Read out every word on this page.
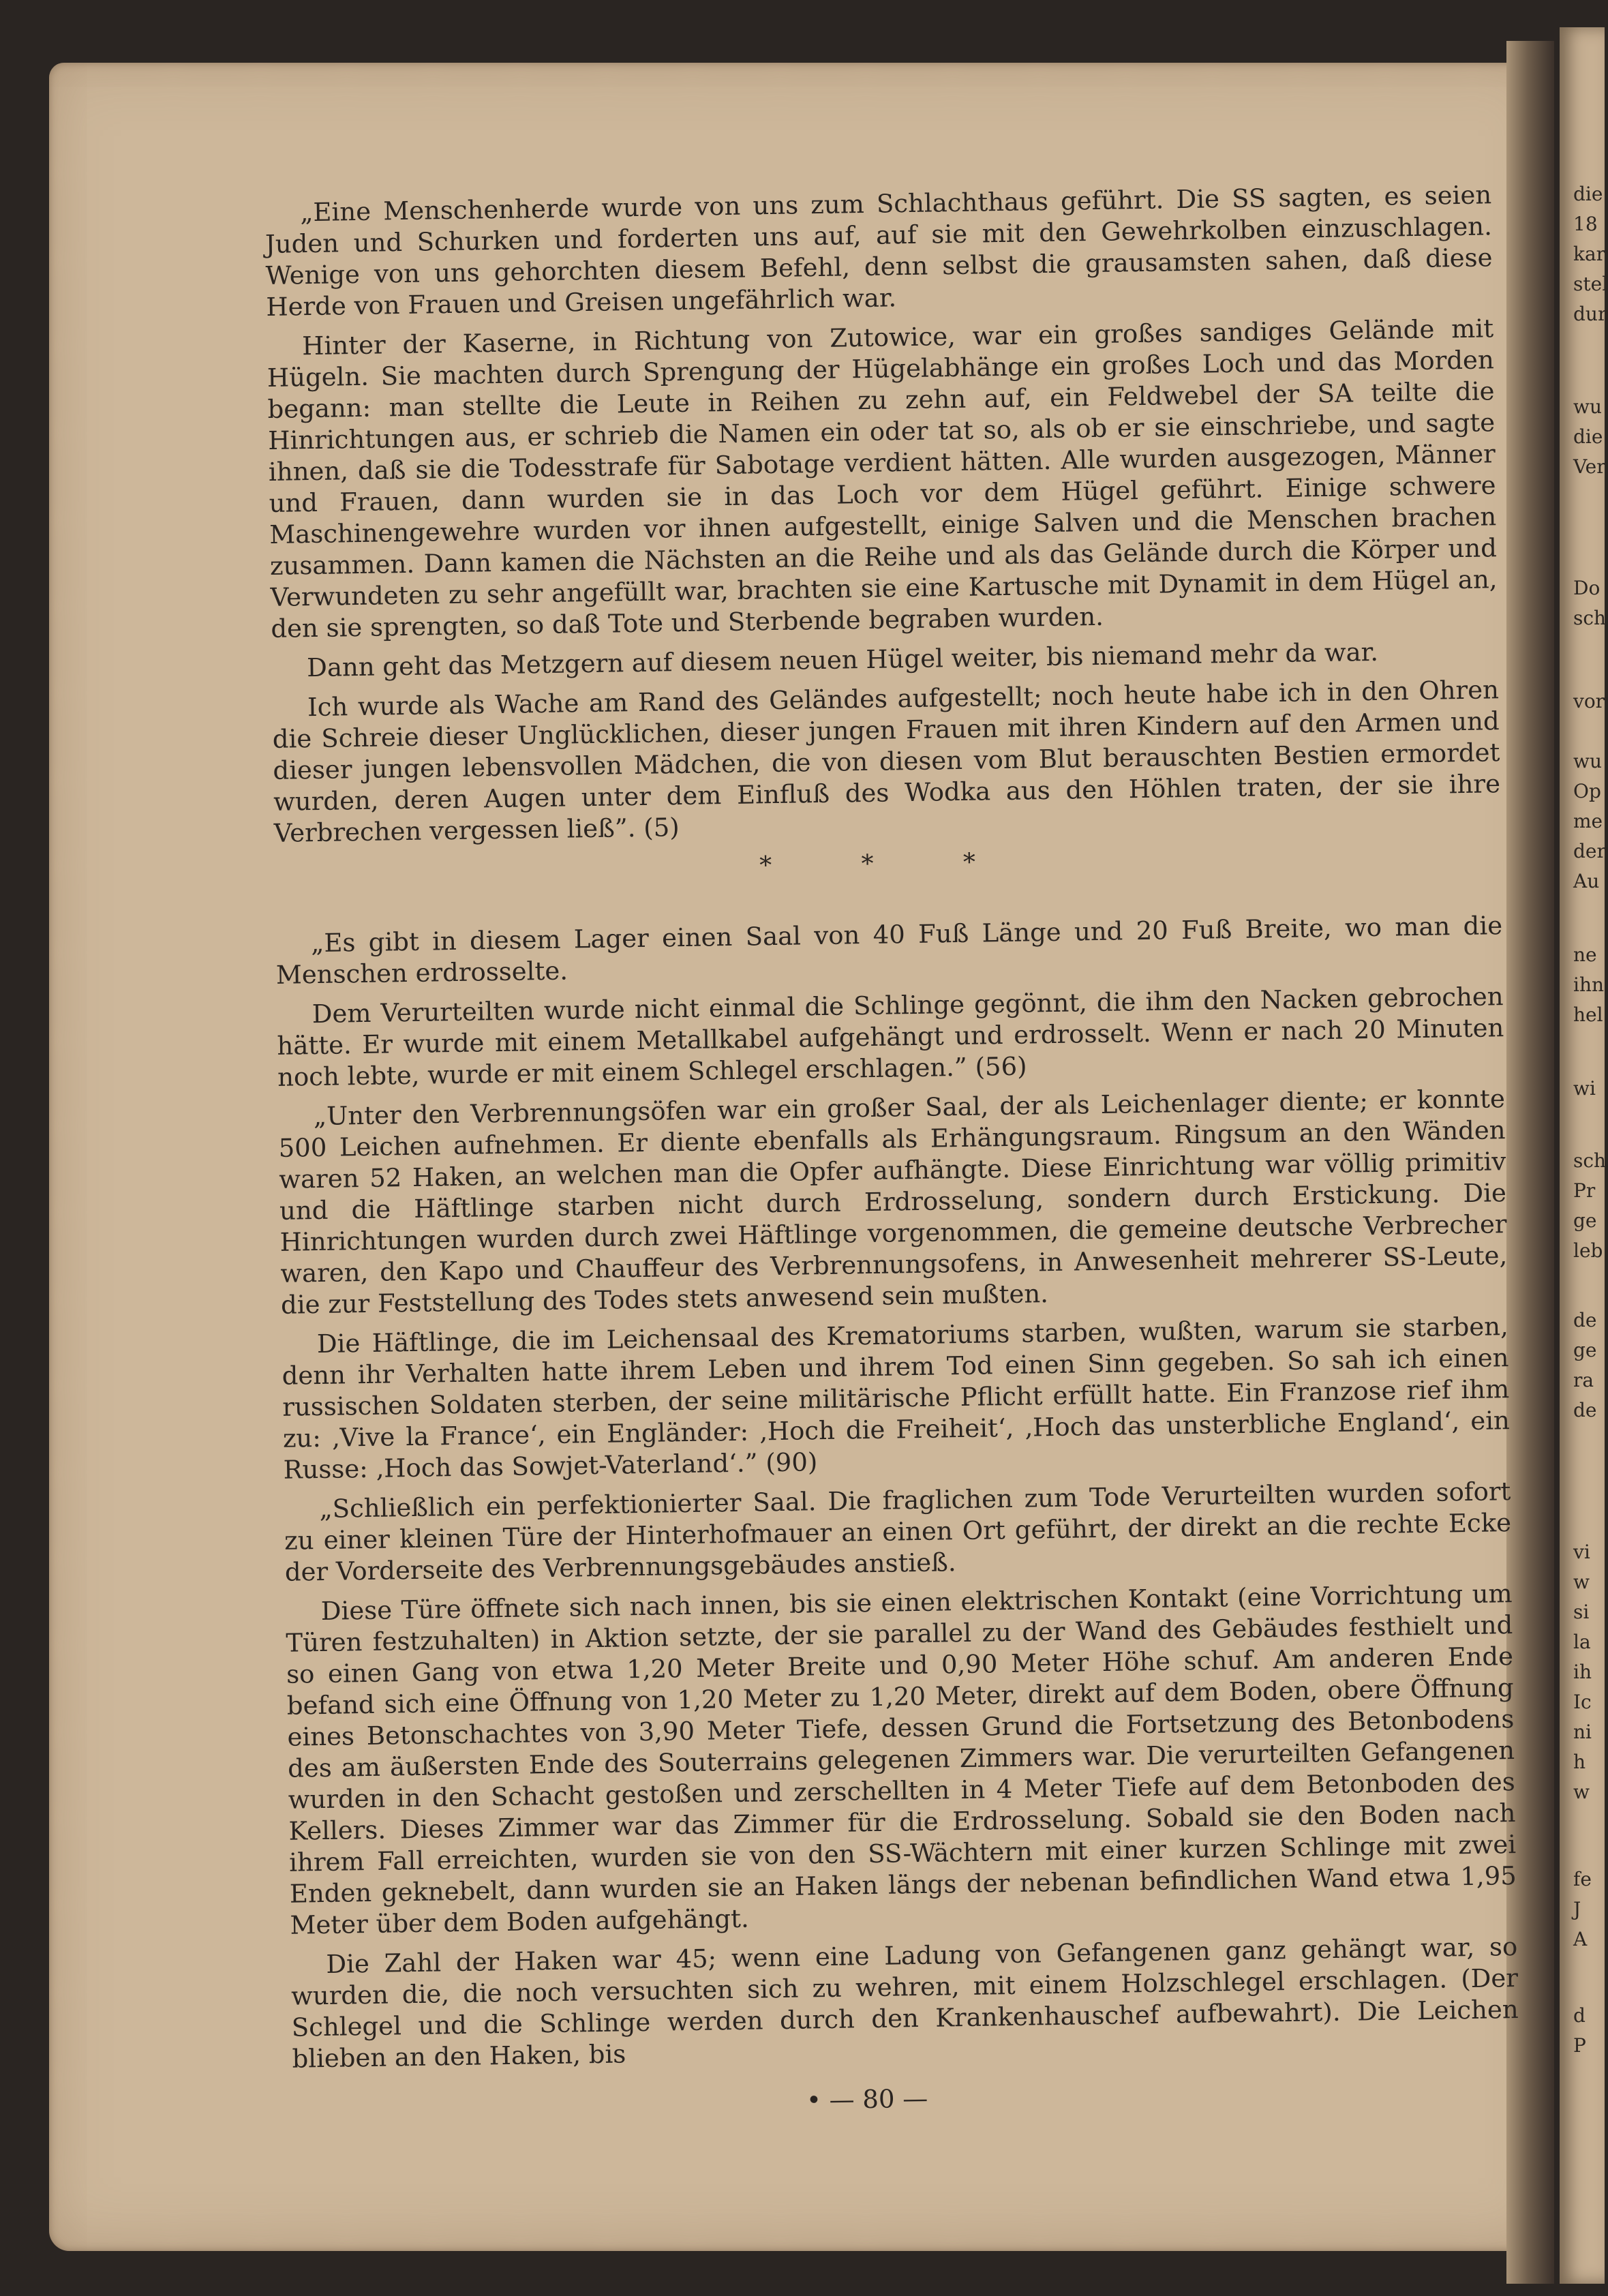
die
18
kar
stel
dur
wu
die
Ver
Do
sch
vor
wu
Op
me
der
Au
ne
ihn
hel
wi
sch
Pr
ge
leb
de
ge
ra
de
vi
w
si
la
ih
Ic
ni
h
w
fe
J
A
d
P

„Eine Menschenherde wurde von uns zum Schlachthaus geführt. Die SS sagten, es seien Juden und Schurken und forderten uns auf, auf sie mit den Gewehrkolben einzuschlagen. Wenige von uns gehorchten diesem Befehl, denn selbst die grausamsten sahen, daß diese Herde von Frauen und Greisen ungefährlich war.

Hinter der Kaserne, in Richtung von Zutowice, war ein großes sandiges Gelände mit Hügeln. Sie machten durch Sprengung der Hügelabhänge ein großes Loch und das Morden begann: man stellte die Leute in Reihen zu zehn auf, ein Feldwebel der SA teilte die Hinrichtungen aus, er schrieb die Namen ein oder tat so, als ob er sie einschriebe, und sagte ihnen, daß sie die Todesstrafe für Sabotage verdient hätten. Alle wurden ausgezogen, Männer und Frauen, dann wurden sie in das Loch vor dem Hügel geführt. Einige schwere Maschinengewehre wurden vor ihnen aufgestellt, einige Salven und die Menschen brachen zusammen. Dann kamen die Nächsten an die Reihe und als das Gelände durch die Körper und Verwundeten zu sehr angefüllt war, brachten sie eine Kartusche mit Dynamit in dem Hügel an, den sie sprengten, so daß Tote und Sterbende begraben wurden.

Dann geht das Metzgern auf diesem neuen Hügel weiter, bis niemand mehr da war.

Ich wurde als Wache am Rand des Geländes aufgestellt; noch heute habe ich in den Ohren die Schreie dieser Unglücklichen, dieser jungen Frauen mit ihren Kindern auf den Armen und dieser jungen lebensvollen Mädchen, die von diesen vom Blut berauschten Bestien ermordet wurden, deren Augen unter dem Einfluß des Wodka aus den Höhlen traten, der sie ihre Verbrechen vergessen ließ”. (5)

* * *

„Es gibt in diesem Lager einen Saal von 40 Fuß Länge und 20 Fuß Breite, wo man die Menschen erdrosselte.

Dem Verurteilten wurde nicht einmal die Schlinge gegönnt, die ihm den Nacken gebrochen hätte. Er wurde mit einem Metallkabel aufgehängt und erdrosselt. Wenn er nach 20 Minuten noch lebte, wurde er mit einem Schlegel erschlagen.” (56)

„Unter den Verbrennungsöfen war ein großer Saal, der als Leichenlager diente; er konnte 500 Leichen aufnehmen. Er diente ebenfalls als Erhängungsraum. Ringsum an den Wänden waren 52 Haken, an welchen man die Opfer aufhängte. Diese Einrichtung war völlig primitiv und die Häftlinge starben nicht durch Erdrosselung, sondern durch Erstickung. Die Hinrichtungen wurden durch zwei Häftlinge vorgenommen, die gemeine deutsche Verbrecher waren, den Kapo und Chauffeur des Verbrennungsofens, in Anwesenheit mehrerer SS-Leute, die zur Feststellung des Todes stets anwesend sein mußten.

Die Häftlinge, die im Leichensaal des Krematoriums starben, wußten, warum sie starben, denn ihr Verhalten hatte ihrem Leben und ihrem Tod einen Sinn gegeben. So sah ich einen russischen Soldaten sterben, der seine militärische Pflicht erfüllt hatte. Ein Franzose rief ihm zu: ‚Vive la France‘, ein Engländer: ‚Hoch die Freiheit‘, ‚Hoch das unsterbliche England‘, ein Russe: ‚Hoch das Sowjet-Vaterland‘.” (90)

„Schließlich ein perfektionierter Saal. Die fraglichen zum Tode Verurteilten wurden sofort zu einer kleinen Türe der Hinterhofmauer an einen Ort geführt, der direkt an die rechte Ecke der Vorderseite des Verbrennungsgebäudes anstieß.

Diese Türe öffnete sich nach innen, bis sie einen elektrischen Kontakt (eine Vorrichtung um Türen festzuhalten) in Aktion setzte, der sie parallel zu der Wand des Gebäudes festhielt und so einen Gang von etwa 1,20 Meter Breite und 0,90 Meter Höhe schuf. Am anderen Ende befand sich eine Öffnung von 1,20 Meter zu 1,20 Meter, direkt auf dem Boden, obere Öffnung eines Betonschachtes von 3,90 Meter Tiefe, dessen Grund die Fortsetzung des Betonbodens des am äußersten Ende des Souterrains gelegenen Zimmers war. Die verurteilten Gefangenen wurden in den Schacht gestoßen und zerschellten in 4 Meter Tiefe auf dem Betonboden des Kellers. Dieses Zimmer war das Zimmer für die Erdrosselung. Sobald sie den Boden nach ihrem Fall erreichten, wurden sie von den SS-Wächtern mit einer kurzen Schlinge mit zwei Enden geknebelt, dann wurden sie an Haken längs der nebenan befindlichen Wand etwa 1,95 Meter über dem Boden aufgehängt.

Die Zahl der Haken war 45; wenn eine Ladung von Gefangenen ganz gehängt war, so wurden die, die noch versuchten sich zu wehren, mit einem Holzschlegel erschlagen. (Der Schlegel und die Schlinge werden durch den Krankenhauschef aufbewahrt). Die Leichen blieben an den Haken, bis

• — 80 —
